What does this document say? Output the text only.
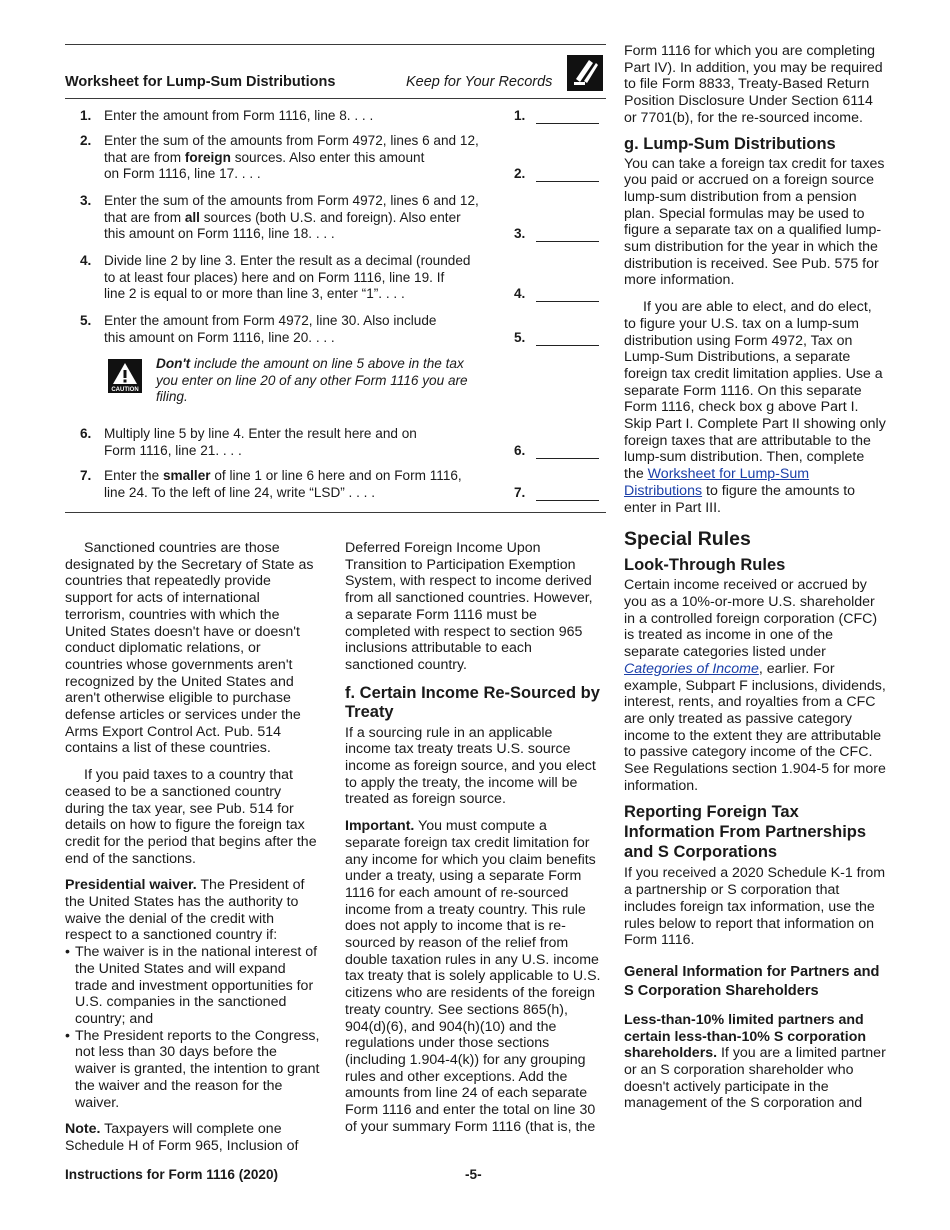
Worksheet for Lump-Sum Distributions	Keep for Your Records
1. Enter the amount from Form 1116, line 8. . . .	1.
2. Enter the sum of the amounts from Form 4972, lines 6 and 12,
that are from foreign sources. Also enter this amount
on Form 1116, line 17. . . .	2.
3. Enter the sum of the amounts from Form 4972, lines 6 and 12,
that are from all sources (both U.S. and foreign). Also enter
this amount on Form 1116, line 18. . . .	3.
4. Divide line 2 by line 3. Enter the result as a decimal (rounded
to at least four places) here and on Form 1116, line 19. If
line 2 is equal to or more than line 3, enter “1”. . . .	4.
5. Enter the amount from Form 4972, line 30. Also include
this amount on Form 1116, line 20. . . .	5.
6. Multiply line 5 by line 4. Enter the result here and on
Form 1116, line 21. . . .	6.
7. Enter the smaller of line 1 or line 6 here and on Form 1116,
line 24. To the left of line 24, write “LSD” . . . .	7.
CAUTION
Don't include the amount on line 5 above in the tax you enter on line 20 of any other Form 1116 you are filing.

Sanctioned countries are those designated by the Secretary of State as countries that repeatedly provide support for acts of international terrorism, countries with which the United States doesn't have or doesn't conduct diplomatic relations, or countries whose governments aren't recognized by the United States and aren't otherwise eligible to purchase defense articles or services under the Arms Export Control Act. Pub. 514 contains a list of these countries.

If you paid taxes to a country that ceased to be a sanctioned country during the tax year, see Pub. 514 for details on how to figure the foreign tax credit for the period that begins after the end of the sanctions.

Presidential waiver. The President of the United States has the authority to waive the denial of the credit with respect to a sanctioned country if:

• The waiver is in the national interest of the United States and will expand trade and investment opportunities for U.S. companies in the sanctioned country; and

• The President reports to the Congress, not less than 30 days before the waiver is granted, the intention to grant the waiver and the reason for the waiver.

Note. Taxpayers will complete one Schedule H of Form 965, Inclusion of

Deferred Foreign Income Upon Transition to Participation Exemption System, with respect to income derived from all sanctioned countries. However, a separate Form 1116 must be completed with respect to section 965 inclusions attributable to each sanctioned country.

f. Certain Income Re-Sourced by Treaty

If a sourcing rule in an applicable income tax treaty treats U.S. source income as foreign source, and you elect to apply the treaty, the income will be treated as foreign source.

Important. You must compute a separate foreign tax credit limitation for any income for which you claim benefits under a treaty, using a separate Form 1116 for each amount of re-sourced income from a treaty country. This rule does not apply to income that is re-sourced by reason of the relief from double taxation rules in any U.S. income tax treaty that is solely applicable to U.S. citizens who are residents of the foreign treaty country. See sections 865(h), 904(d)(6), and 904(h)(10) and the regulations under those sections (including 1.904-4(k)) for any grouping rules and other exceptions. Add the amounts from line 24 of each separate Form 1116 and enter the total on line 30 of your summary Form 1116 (that is, the

Form 1116 for which you are completing Part IV). In addition, you may be required to file Form 8833, Treaty-Based Return Position Disclosure Under Section 6114 or 7701(b), for the re-sourced income.

g. Lump-Sum Distributions

You can take a foreign tax credit for taxes you paid or accrued on a foreign source lump-sum distribution from a pension plan. Special formulas may be used to figure a separate tax on a qualified lump-sum distribution for the year in which the distribution is received. See Pub. 575 for more information.

If you are able to elect, and do elect, to figure your U.S. tax on a lump-sum distribution using Form 4972, Tax on Lump-Sum Distributions, a separate foreign tax credit limitation applies. Use a separate Form 1116. On this separate Form 1116, check box g above Part I. Skip Part I. Complete Part II showing only foreign taxes that are attributable to the lump-sum distribution. Then, complete the Worksheet for Lump-Sum Distributions to figure the amounts to enter in Part III.

Special Rules
Look-Through Rules

Certain income received or accrued by you as a 10%-or-more U.S. shareholder in a controlled foreign corporation (CFC) is treated as income in one of the separate categories listed under Categories of Income, earlier. For example, Subpart F inclusions, dividends, interest, rents, and royalties from a CFC are only treated as passive category income to the extent they are attributable to passive category income of the CFC. See Regulations section 1.904-5 for more information.

Reporting Foreign Tax Information From Partnerships and S Corporations

If you received a 2020 Schedule K-1 from a partnership or S corporation that includes foreign tax information, use the rules below to report that information on Form 1116.

General Information for Partners and S Corporation Shareholders

Less-than-10% limited partners and certain less-than-10% S corporation shareholders. If you are a limited partner or an S corporation shareholder who doesn't actively participate in the management of the S corporation and

Instructions for Form 1116 (2020)	-5-
